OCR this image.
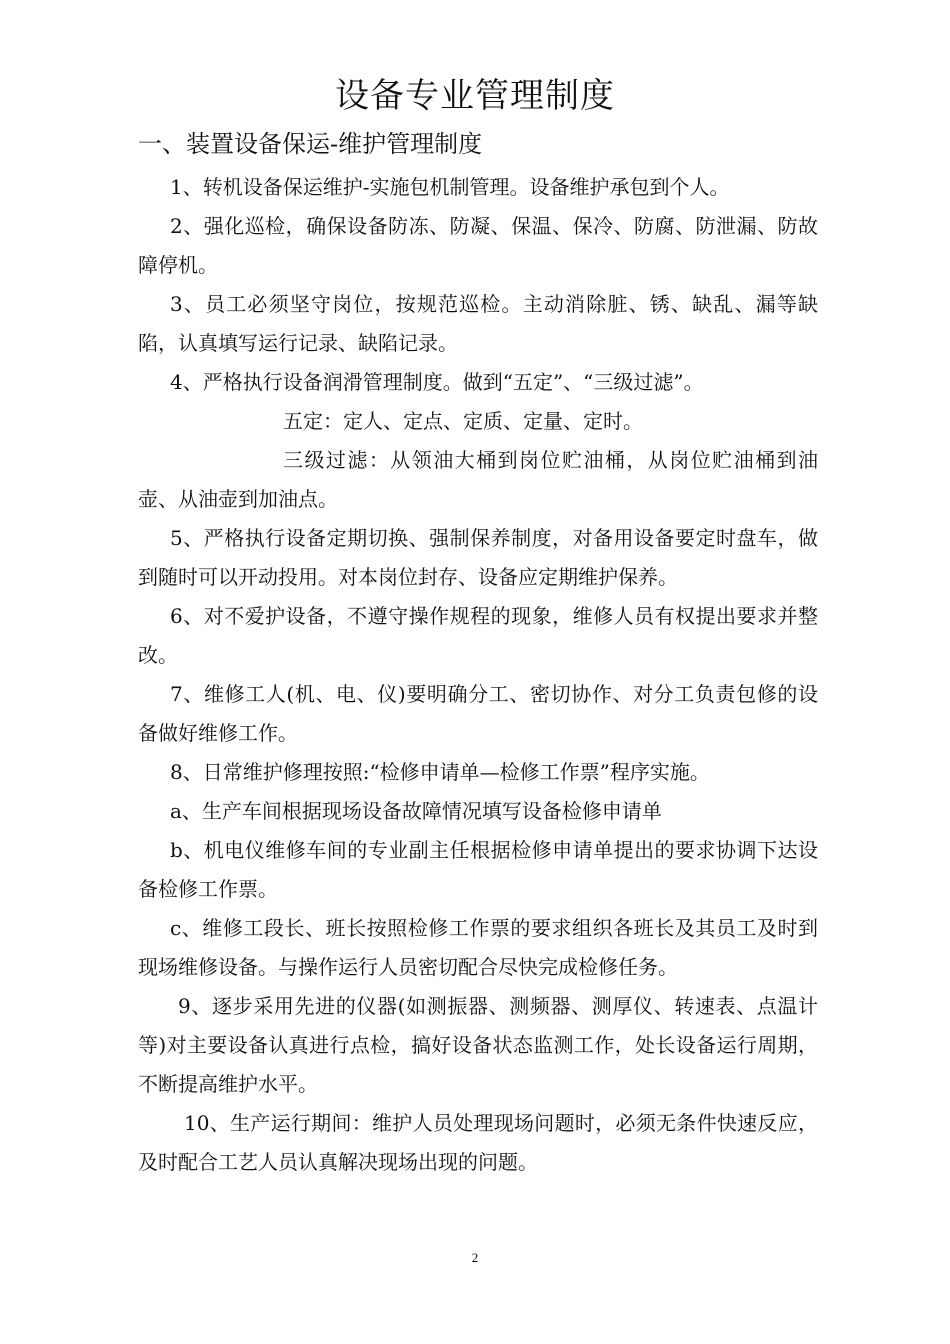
设备专业管理制度
一、装置设备保运-维护管理制度

1、转机设备保运维护-实施包机制管理。设备维护承包到个人。

2、强化巡检，确保设备防冻、防凝、保温、保冷、防腐、防泄漏、防故障停机。

3、员工必须坚守岗位，按规范巡检。主动消除脏、锈、缺乱、漏等缺陷，认真填写运行记录、缺陷记录。

4、严格执行设备润滑管理制度。做到“五定”、“三级过滤”。

五定：定人、定点、定质、定量、定时。

三级过滤：从领油大桶到岗位贮油桶，从岗位贮油桶到油壶、从油壶到加油点。

5、严格执行设备定期切换、强制保养制度，对备用设备要定时盘车，做到随时可以开动投用。对本岗位封存、设备应定期维护保养。

6、对不爱护设备，不遵守操作规程的现象，维修人员有权提出要求并整改。

7、维修工人(机、电、仪)要明确分工、密切协作、对分工负责包修的设备做好维修工作。

8、日常维护修理按照:“检修申请单—检修工作票”程序实施。

a、生产车间根据现场设备故障情况填写设备检修申请单

b、机电仪维修车间的专业副主任根据检修申请单提出的要求协调下达设备检修工作票。

c、维修工段长、班长按照检修工作票的要求组织各班长及其员工及时到现场维修设备。与操作运行人员密切配合尽快完成检修任务。

9、逐步采用先进的仪器(如测振器、测频器、测厚仪、转速表、点温计等)对主要设备认真进行点检，搞好设备状态监测工作，处长设备运行周期，不断提高维护水平。

10、生产运行期间：维护人员处理现场问题时，必须无条件快速反应，及时配合工艺人员认真解决现场出现的问题。

2
